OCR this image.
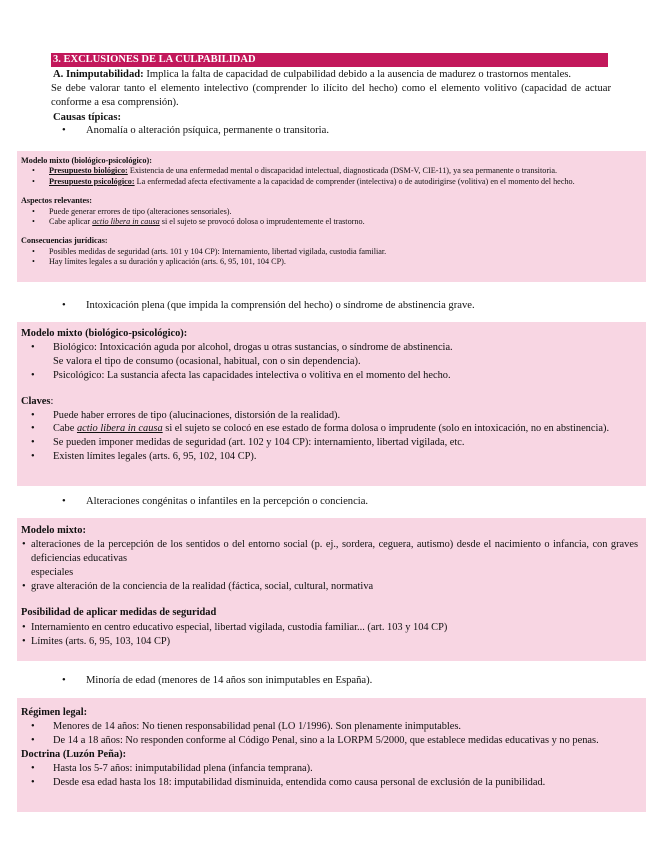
3. EXCLUSIONES DE LA CULPABILIDAD

A. Inimputabilidad: Implica la falta de capacidad de culpabilidad debido a la ausencia de madurez o trastornos mentales.

Se debe valorar tanto el elemento intelectivo (comprender lo ilícito del hecho) como el elemento volitivo (capacidad de actuar conforme a esa comprensión).

Causas típicas:

• Anomalía o alteración psíquica, permanente o transitoria.
Modelo mixto (biológico-psicológico):
• Presupuesto biológico: Existencia de una enfermedad mental o discapacidad intelectual, diagnosticada (DSM-V, CIE-11), ya sea permanente o transitoria.
• Presupuesto psicológico: La enfermedad afecta efectivamente a la capacidad de comprender (intelectiva) o de autodirigirse (volitiva) en el momento del hecho.
Aspectos relevantes:
• Puede generar errores de tipo (alteraciones sensoriales).
• Cabe aplicar actio libera in causa si el sujeto se provocó dolosa o imprudentemente el trastorno.
Consecuencias jurídicas:
• Posibles medidas de seguridad (arts. 101 y 104 CP): Internamiento, libertad vigilada, custodia familiar.
• Hay límites legales a su duración y aplicación (arts. 6, 95, 101, 104 CP).
• Intoxicación plena (que impida la comprensión del hecho) o síndrome de abstinencia grave.
Modelo mixto (biológico-psicológico):
• Biológico: Intoxicación aguda por alcohol, drogas u otras sustancias, o síndrome de abstinencia.
Se valora el tipo de consumo (ocasional, habitual, con o sin dependencia).
• Psicológico: La sustancia afecta las capacidades intelectiva o volitiva en el momento del hecho.
Claves:
• Puede haber errores de tipo (alucinaciones, distorsión de la realidad).
• Cabe actio libera in causa si el sujeto se colocó en ese estado de forma dolosa o imprudente (solo en intoxicación, no en abstinencia).
• Se pueden imponer medidas de seguridad (art. 102 y 104 CP): internamiento, libertad vigilada, etc.
• Existen límites legales (arts. 6, 95, 102, 104 CP).
• Alteraciones congénitas o infantiles en la percepción o conciencia.
Modelo mixto:
• alteraciones de la percepción de los sentidos o del entorno social (p. ej., sordera, ceguera, autismo) desde el nacimiento o infancia, con graves deficiencias educativas
especiales
• grave alteración de la conciencia de la realidad (fáctica, social, cultural, normativa
Posibilidad de aplicar medidas de seguridad
• Internamiento en centro educativo especial, libertad vigilada, custodia familiar... (art. 103 y 104 CP)
• Límites (arts. 6, 95, 103, 104 CP)
• Minoría de edad (menores de 14 años son inimputables en España).
Régimen legal:
• Menores de 14 años: No tienen responsabilidad penal (LO 1/1996). Son plenamente inimputables.
• De 14 a 18 años: No responden conforme al Código Penal, sino a la LORPM 5/2000, que establece medidas educativas y no penas.
Doctrina (Luzón Peña):
• Hasta los 5-7 años: inimputabilidad plena (infancia temprana).
• Desde esa edad hasta los 18: imputabilidad disminuida, entendida como causa personal de exclusión de la punibilidad.
